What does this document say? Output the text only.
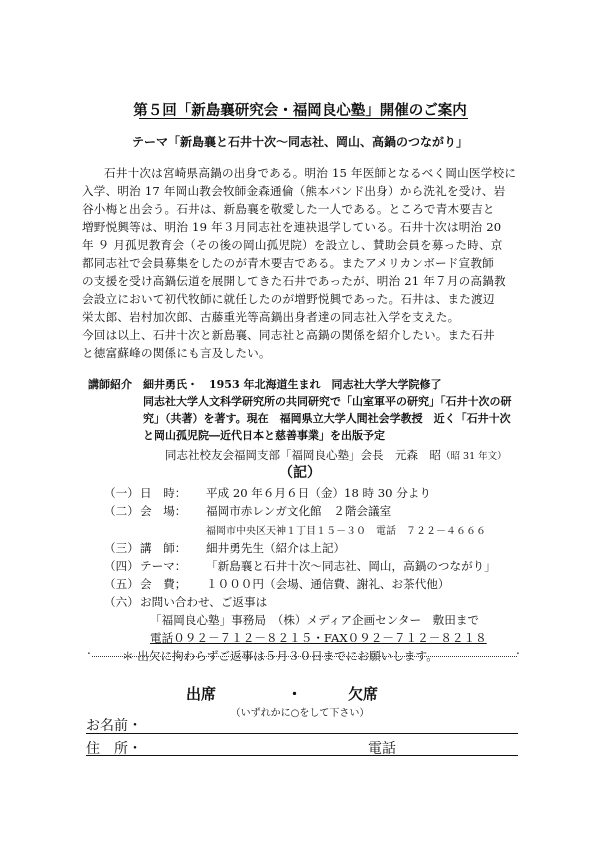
第５回「新島襄研究会・福岡良心塾」開催のご案内
テーマ「新島襄と石井十次〜同志社、岡山、高鍋のつながり」
石井十次は宮崎県高鍋の出身である。明治 15 年医師となるべく岡山医学校に
入学、明治 17 年岡山教会牧師金森通倫（熊本バンド出身）から洗礼を受け、岩
谷小梅と出会う。石井は、新島襄を敬愛した一人である。ところで青木要吉と
増野悦興等は、明治 19 年３月同志社を連袂退学している。石井十次は明治 20
年 ９ 月孤児教育会（その後の岡山孤児院）を設立し、賛助会員を募った時、京
都同志社で会員募集をしたのが青木要吉である。またアメリカンボード宣教師
の支援を受け高鍋伝道を展開してきた石井であったが、明治 21 年７月の高鍋教
会設立において初代牧師に就任したのが増野悦興であった。石井は、また渡辺
栄太郎、岩村加次郎、古藤重光等高鍋出身者達の同志社入学を支えた。
今回は以上、石井十次と新島襄、同志社と高鍋の関係を紹介したい。また石井
と徳富蘇峰の関係にも言及したい。
講師紹介 細井勇氏・　1953 年北海道生まれ　同志社大学大学院修了
同志社大学人文科学研究所の共同研究で「山室軍平の研究」「石井十次の研
究」（共著）を著す。現在　福岡県立大学人間社会学教授　近く「石井十次
と岡山孤児院―近代日本と慈善事業」を出版予定
同志社校友会福岡支部「福岡良心塾」会長　元森　昭（昭 31 年文）
（記）
（一） 日　時： 平成 20 年６月６日（金）18 時 30 分より
（二） 会　場： 福岡市赤レンガ文化館　２階会議室
福岡市中央区天神１丁目１５－３０　電話　７２２－４６６６
（三） 講　師： 細井勇先生（紹介は上記）
（四） テーマ： 「新島襄と石井十次〜同志社、岡山，高鍋のつながり」
（五） 会　費； １０００円（会場、通信費、謝礼、お茶代他）
（六） お問い合わせ、ご返事は
「福岡良心塾」事務局　（株）メディア企画センター　敷田まで
電話０９２－７１２－８２１５・FAX０９２－７１２－８２１８
＊ 出欠に拘わらずご返事は５月３０日までにお願いします。
.	.
出席	・	欠席
（いずれかに○をして下さい）
お名前・
住　所・	電話
